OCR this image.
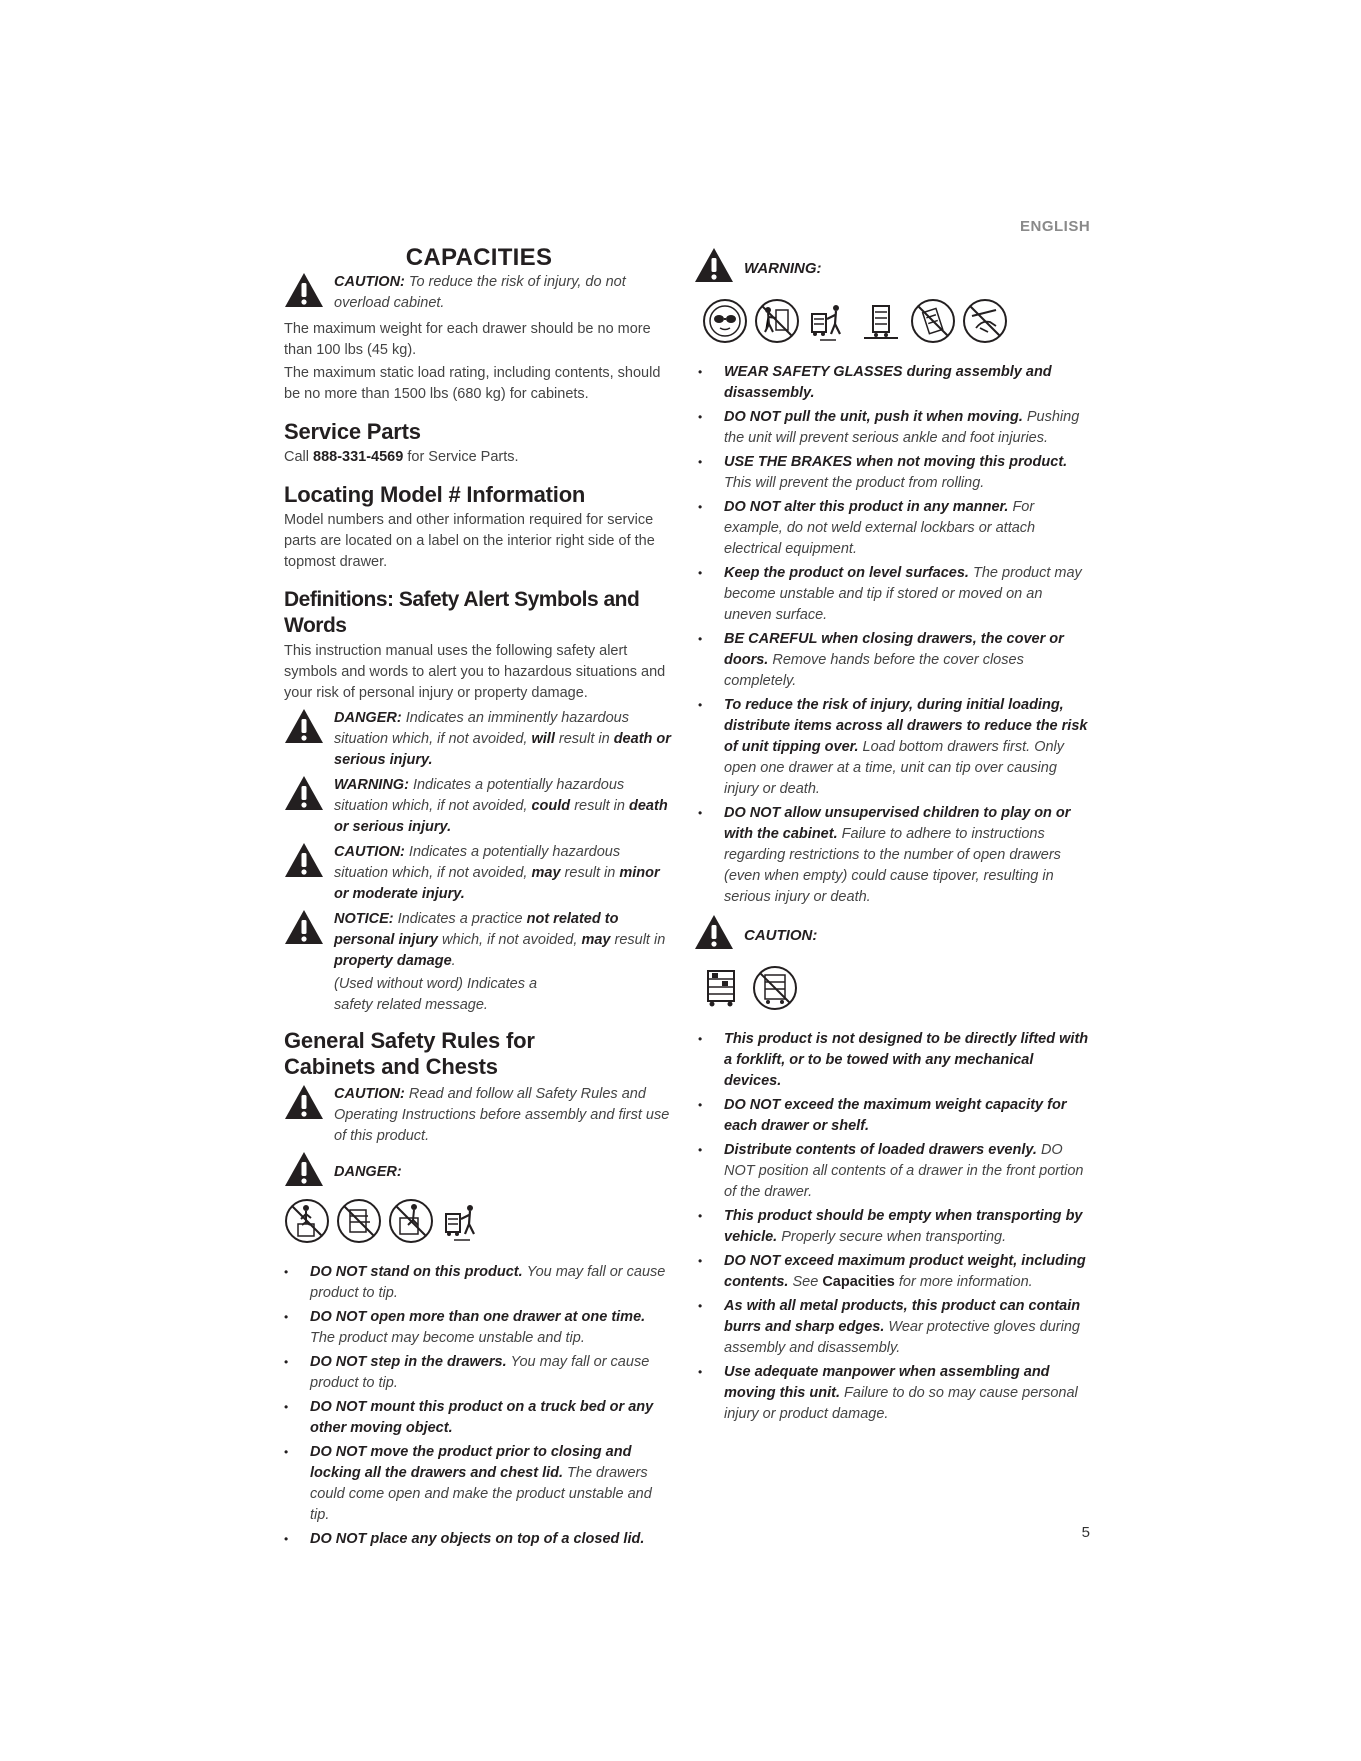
ENGLISH
CAPACITIES
CAUTION: To reduce the risk of injury, do not overload cabinet.

The maximum weight for each drawer should be no more than 100 lbs (45 kg).

The maximum static load rating, including contents, should be no more than 1500 lbs (680 kg) for cabinets.

Service Parts

Call 888-331-4569 for Service Parts.

Locating Model # Information

Model numbers and other information required for service parts are located on a label on the interior right side of the topmost drawer.

Definitions: Safety Alert Symbols and Words

This instruction manual uses the following safety alert symbols and words to alert you to hazardous situations and your risk of personal injury or property damage.

DANGER: Indicates an imminently hazardous situation which, if not avoided, will result in death or serious injury.
WARNING: Indicates a potentially hazardous situation which, if not avoided, could result in death or serious injury.
CAUTION: Indicates a potentially hazardous situation which, if not avoided, may result in minor or moderate injury.
NOTICE: Indicates a practice not related to personal injury which, if not avoided, may result in property damage.
(Used without word) Indicates a safety related message.
General Safety Rules for Cabinets and Chests
CAUTION: Read and follow all Safety Rules and Operating Instructions before assembly and first use of this product.
DANGER:
• DO NOT stand on this product. You may fall or cause product to tip.
• DO NOT open more than one drawer at one time. The product may become unstable and tip.
• DO NOT step in the drawers. You may fall or cause product to tip.
• DO NOT mount this product on a truck bed or any other moving object.
• DO NOT move the product prior to closing and locking all the drawers and chest lid. The drawers could come open and make the product unstable and tip.
• DO NOT place any objects on top of a closed lid.
WARNING:
• WEAR SAFETY GLASSES during assembly and disassembly.
• DO NOT pull the unit, push it when moving. Pushing the unit will prevent serious ankle and foot injuries.
• USE THE BRAKES when not moving this product. This will prevent the product from rolling.
• DO NOT alter this product in any manner. For example, do not weld external lockbars or attach electrical equipment.
• Keep the product on level surfaces. The product may become unstable and tip if stored or moved on an uneven surface.
• BE CAREFUL when closing drawers, the cover or doors. Remove hands before the cover closes completely.
• To reduce the risk of injury, during initial loading, distribute items across all drawers to reduce the risk of unit tipping over. Load bottom drawers first. Only open one drawer at a time, unit can tip over causing injury or death.
• DO NOT allow unsupervised children to play on or with the cabinet. Failure to adhere to instructions regarding restrictions to the number of open drawers (even when empty) could cause tipover, resulting in serious injury or death.
CAUTION:
• This product is not designed to be directly lifted with a forklift, or to be towed with any mechanical devices.
• DO NOT exceed the maximum weight capacity for each drawer or shelf.
• Distribute contents of loaded drawers evenly. DO NOT position all contents of a drawer in the front portion of the drawer.
• This product should be empty when transporting by vehicle. Properly secure when transporting.
• DO NOT exceed maximum product weight, including contents. See Capacities for more information.
• As with all metal products, this product can contain burrs and sharp edges. Wear protective gloves during assembly and disassembly.
• Use adequate manpower when assembling and moving this unit. Failure to do so may cause personal injury or product damage.
5
